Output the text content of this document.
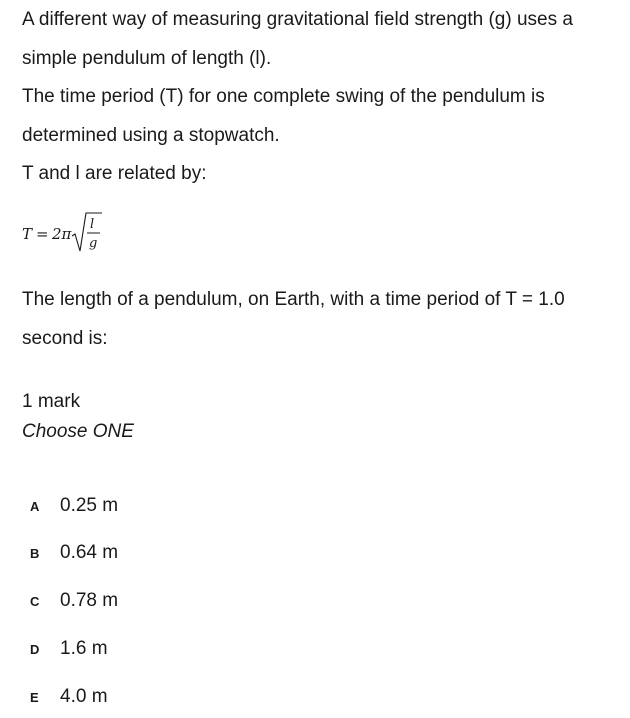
A different way of measuring gravitational field strength (g) uses a simple pendulum of length (l).

The time period (T) for one complete swing of the pendulum is determined using a stopwatch.

T and l are related by:

T = 2π
l
g

The length of a pendulum, on Earth, with a time period of T = 1.0 second is:

1 mark
Choose ONE
A	0.25 m
B	0.64 m
C	0.78 m
D	1.6 m
E	4.0 m
